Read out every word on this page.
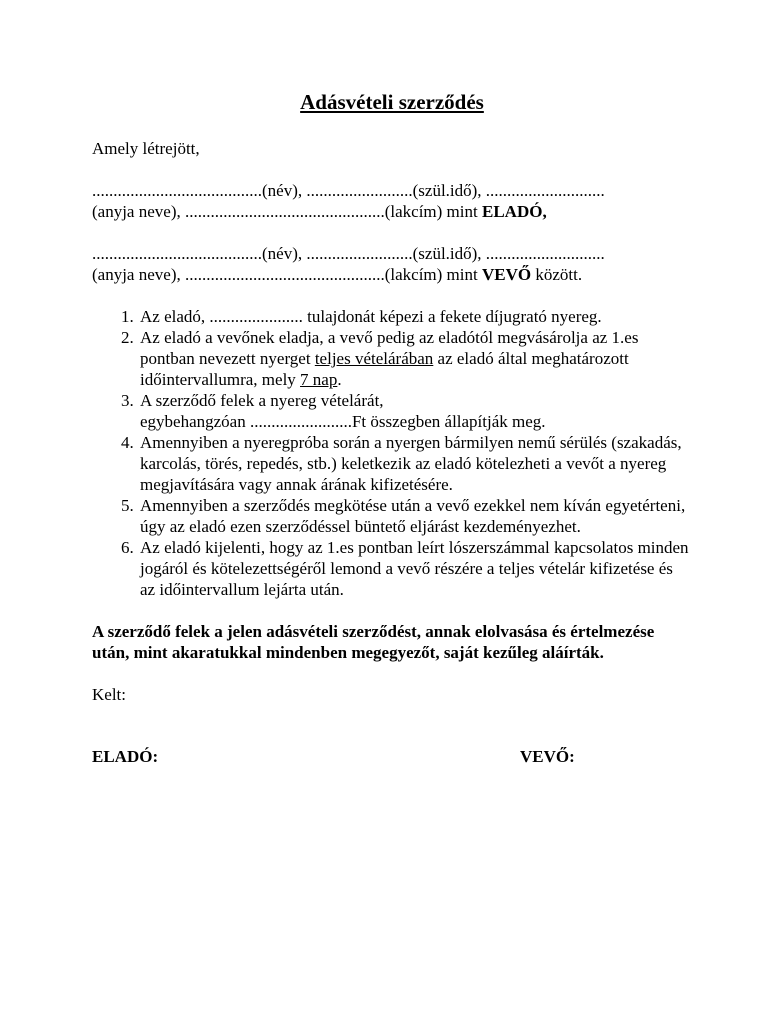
Adásvételi szerződés

Amely létrejött,

........................................(név), .........................(szül.idő), ............................

(anyja neve), ...............................................(lakcím) mint ELADÓ,

........................................(név), .........................(szül.idő), ............................

(anyja neve), ...............................................(lakcím) mint VEVŐ között.

1. Az eladó, ...................... tulajdonát képezi a fekete díjugrató nyereg.
2. Az eladó a vevőnek eladja, a vevő pedig az eladótól megvásárolja az 1.es pontban nevezett nyerget teljes vételárában az eladó által meghatározott időintervallumra, mely 7 nap.
3. A szerződő felek a nyereg vételárát,
egybehangzóan ........................Ft összegben állapítják meg.
4. Amennyiben a nyeregpróba során a nyergen bármilyen nemű sérülés (szakadás, karcolás, törés, repedés, stb.) keletkezik az eladó kötelezheti a vevőt a nyereg megjavítására vagy annak árának kifizetésére.
5. Amennyiben a szerződés megkötése után a vevő ezekkel nem kíván egyetérteni, úgy az eladó ezen szerződéssel büntető eljárást kezdeményezhet.
6. Az eladó kijelenti, hogy az 1.es pontban leírt lószerszámmal kapcsolatos minden jogáról és kötelezettségéről lemond a vevő részére a teljes vételár kifizetése és az időintervallum lejárta után.

A szerződő felek a jelen adásvételi szerződést, annak elolvasása és értelmezése után, mint akaratukkal mindenben megegyezőt, saját kezűleg aláírták.

Kelt:

ELADÓ:	VEVŐ:
